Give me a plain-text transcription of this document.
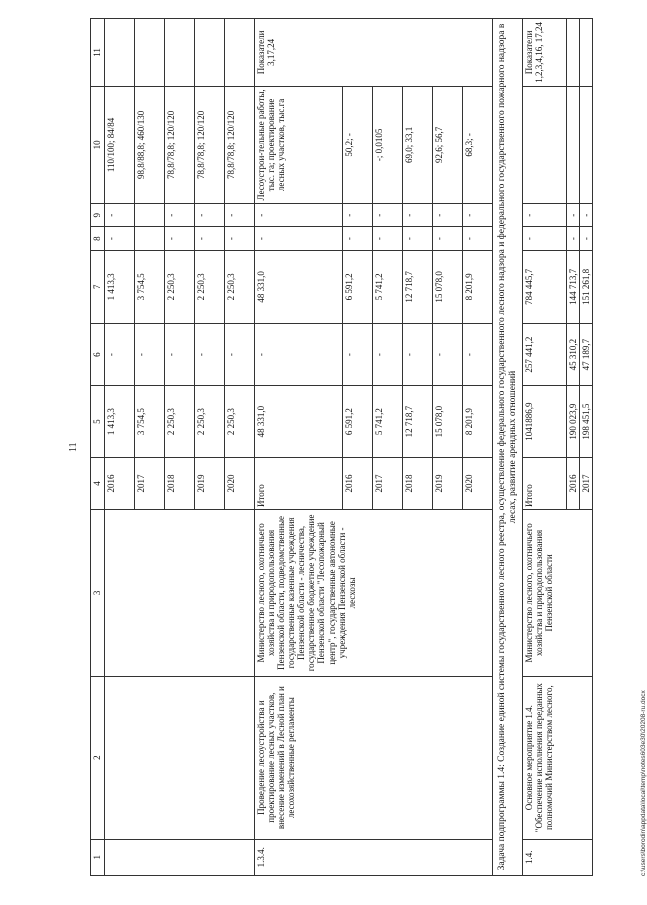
11
1	2	3	4	5	6	7	8	9	10	11
			2016	1 413,3	-	1 413,3	-	-	110/100; 84/84	
			2017	3 754,5	-	3 754,5			98,8/88,8; 460/130	
			2018	2 250,3	-	2 250,3	-	-	78,8/78,8; 120/120	
			2019	2 250,3	-	2 250,3	-	-	78,8/78,8; 120/120	
			2020	2 250,3	-	2 250,3	-	-	78,8/78,8; 120/120	
1.3.4.	Проведение лесоустройства и проектирование лесных участков, внесение изменений в Лесной план и лесохозяйственные регламенты	Министерство лесного, охотничьего хозяйства и природопользования Пензенской области, подведомственные государственные казенные учреждения Пензенской области - лесничества, государственное бюджетное учреждение Пензенской области "Лесопожарный центр", государственные автономные учреждения Пензенской области - лесхозы	Итого	48 331,0	-	48 331,0	-	-	Лесоустрои-тельные работы, тыс. га; проектирование лесных участков, тыс.га	Показатели 3,17,24
			2016	6 591,2	-	6 591,2	-	-	50,2; -	
			2017	5 741,2	-	5 741,2	-	-	-; 0,0105	
			2018	12 718,7	-	12 718,7	-	-	69,0; 33,1	
			2019	15 078,0	-	15 078,0	-	-	92,6; 56,7	
			2020	8 201,9	-	8 201,9	-	-	68,3; -	
Задача подпрограммы 1.4: Создание единой системы государственного лесного реестра, осуществление федерального государственного лесного надзора и федерального государственного пожарного надзора в лесах, развитие арендных отношений										
1.4.	Основное мероприятие 1.4. "Обеспечение исполнения переданных полномочий Министерством лесного,	Министерство лесного, охотничьего хозяйства и природопользования Пензенской области	Итого	1041886,9	257 441,2	784 445,7	-	-		Показатели 1,2,3,4,16, 17,24
			2016	190 023,9	45 310,2	144 713,7	-	-		
			2017	198 451,5	47 189,7	151 261,8	-	-		
c:\users\borodin\appdata\local\temp\notes603e30\20208-ru.docx
